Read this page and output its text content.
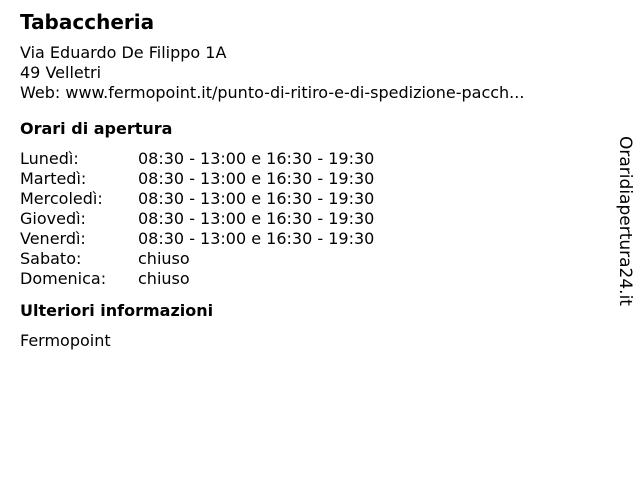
Tabaccheria
Via Eduardo De Filippo 1A
49 Velletri
Web: www.fermopoint.it/punto-di-ritiro-e-di-spedizione-pacch...
Orari di apertura
Lunedì:	08:30 - 13:00 e 16:30 - 19:30
Martedì:	08:30 - 13:00 e 16:30 - 19:30
Mercoledì:	08:30 - 13:00 e 16:30 - 19:30
Giovedì:	08:30 - 13:00 e 16:30 - 19:30
Venerdì:	08:30 - 13:00 e 16:30 - 19:30
Sabato:	chiuso
Domenica:	chiuso
Ulteriori informazioni
Fermopoint
Oraridiapertura24.it
